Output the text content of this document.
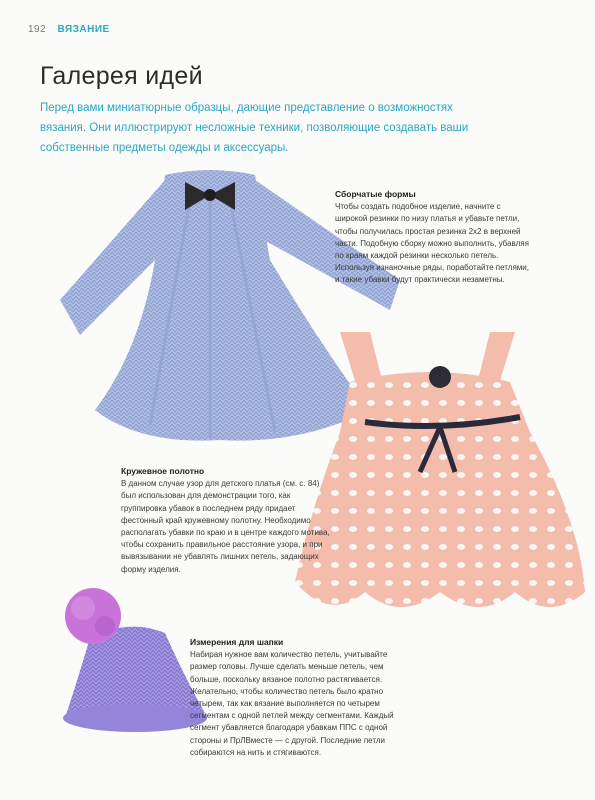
192 ВЯЗАНИЕ
Галерея идей
Перед вами миниатюрные образцы, дающие представление о возможностях вязания. Они иллюстрируют несложные техники, позволяющие создавать ваши собственные предметы одежды и аксессуары.
Сборчатые формы
Чтобы создать подобное изделие, начните с широкой резинки по низу платья и убавьте петли, чтобы получилась простая резинка 2х2 в верхней части. Подобную сборку можно выполнить, убавляя по краям каждой резинки несколько петель. Используя изнаночные ряды, поработайте петлями, и такие убавки будут практически незаметны.
Кружевное полотно
В данном случае узор для детского платья (см. с. 84) был использован для демонстрации того, как группировка убавок в последнем ряду придает фестонный край кружевному полотну. Необходимо располагать убавки по краю и в центре каждого мотива, чтобы сохранить правильное расстояние узора, и при вывязывании не убавлять лишних петель, задающих форму изделия.
Измерения для шапки
Набирая нужное вам количество петель, учитывайте размер головы. Лучше сделать меньше петель, чем больше, поскольку вязаное полотно растягивается. Желательно, чтобы количество петель было кратно четырем, так как вязание выполняется по четырем сегментам с одной петлей между сегментами. Каждый сегмент убавляется благодаря убавкам ППС с одной стороны и ПрЛВместе — с другой. Последние петли собираются на нить и стягиваются.
